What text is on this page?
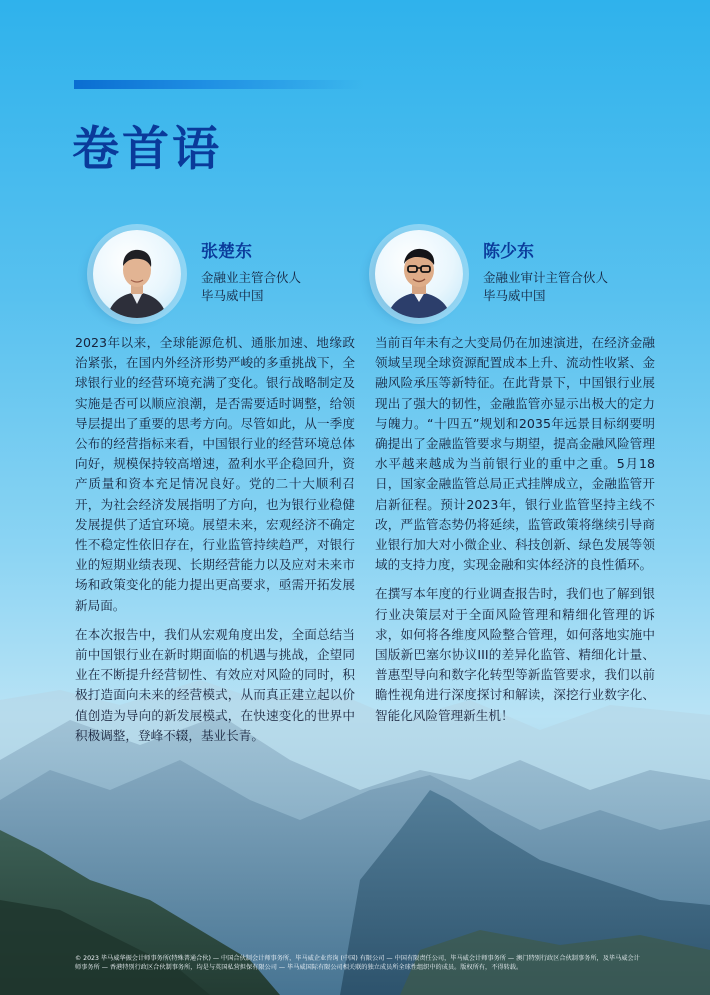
卷首语
张楚东
金融业主管合伙人
毕马威中国
陈少东
金融业审计主管合伙人
毕马威中国

2023年以来，全球能源危机、通胀加速、地缘政治紧张，在国内外经济形势严峻的多重挑战下，全球银行业的经营环境充满了变化。银行战略制定及实施是否可以顺应浪潮，是否需要适时调整，给领导层提出了重要的思考方向。尽管如此，从一季度公布的经营指标来看，中国银行业的经营环境总体向好，规模保持较高增速，盈利水平企稳回升，资产质量和资本充足情况良好。党的二十大顺利召开，为社会经济发展指明了方向，也为银行业稳健发展提供了适宜环境。展望未来，宏观经济不确定性不稳定性依旧存在，行业监管持续趋严，对银行业的短期业绩表现、长期经营能力以及应对未来市场和政策变化的能力提出更高要求，亟需开拓发展新局面。

在本次报告中，我们从宏观角度出发，全面总结当前中国银行业在新时期面临的机遇与挑战，企望同业在不断提升经营韧性、有效应对风险的同时，积极打造面向未来的经营模式，从而真正建立起以价值创造为导向的新发展模式，在快速变化的世界中积极调整，登峰不辍，基业长青。

当前百年未有之大变局仍在加速演进，在经济金融领域呈现全球资源配置成本上升、流动性收紧、金融风险承压等新特征。在此背景下，中国银行业展现出了强大的韧性，金融监管亦显示出极大的定力与魄力。“十四五”规划和2035年远景目标纲要明确提出了金融监管要求与期望，提高金融风险管理水平越来越成为当前银行业的重中之重。5月18日，国家金融监管总局正式挂牌成立，金融监管开启新征程。预计2023年，银行业监管坚持主线不改，严监管态势仍将延续，监管政策将继续引导商业银行加大对小微企业、科技创新、绿色发展等领域的支持力度，实现金融和实体经济的良性循环。

在撰写本年度的行业调查报告时，我们也了解到银行业决策层对于全面风险管理和精细化管理的诉求，如何将各维度风险整合管理，如何落地实施中国版新巴塞尔协议III的差异化监管、精细化计量、普惠型导向和数字化转型等新监管要求，我们以前瞻性视角进行深度探讨和解读，深挖行业数字化、智能化风险管理新生机！

© 2023 毕马威华振会计师事务所(特殊普通合伙) — 中国合伙制会计师事务所，毕马威企业咨询 (中国) 有限公司 — 中国有限责任公司，毕马威会计师事务所 — 澳门特别行政区合伙制事务所，及毕马威会计师事务所 — 香港特别行政区合伙制事务所，均是与英国私营担保有限公司 — 毕马威国际有限公司相关联的独立成员所全球性组织中的成员。版权所有，不得转载。
